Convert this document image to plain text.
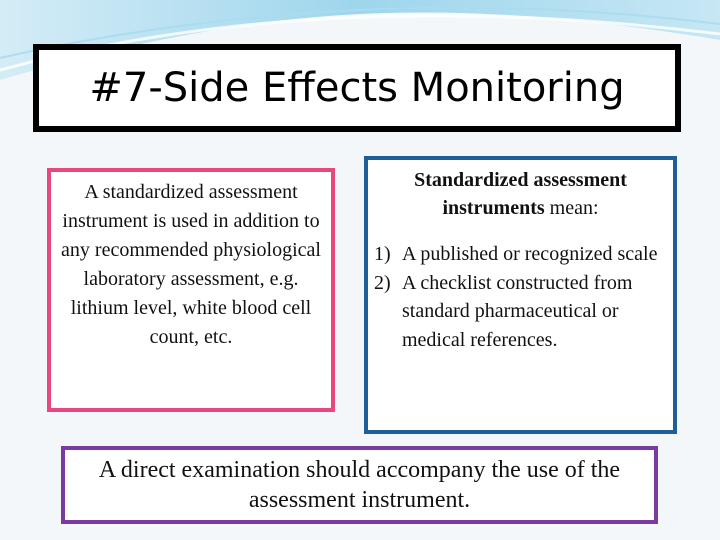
#7-Side Effects Monitoring
A standardized assessment instrument is used in addition to any recommended physiological laboratory assessment, e.g. lithium level, white blood cell count, etc.
Standardized assessment instruments mean:
1) A published or recognized scale
2) A checklist constructed from standard pharmaceutical or medical references.
A direct examination should accompany the use of the assessment instrument.
